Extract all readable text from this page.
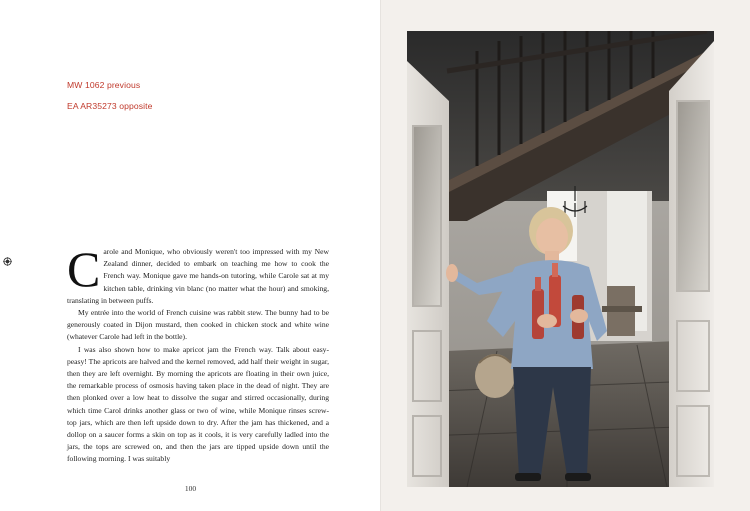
MW 1062 previous
EA AR35273 opposite

Carole and Monique, who obviously weren't too impressed with my New Zealand dinner, decided to embark on teaching me how to cook the French way. Monique gave me hands-on tutoring, while Carole sat at my kitchen table, drinking vin blanc (no matter what the hour) and smoking, translating in between puffs.

My entrée into the world of French cuisine was rabbit stew. The bunny had to be generously coated in Dijon mustard, then cooked in chicken stock and white wine (whatever Carole had left in the bottle).

I was also shown how to make apricot jam the French way. Talk about easy-peasy! The apricots are halved and the kernel removed, add half their weight in sugar, then they are left overnight. By morning the apricots are floating in their own juice, the remarkable process of osmosis having taken place in the dead of night. They are then plonked over a low heat to dissolve the sugar and stirred occasionally, during which time Carol drinks another glass or two of wine, while Monique rinses screw-top jars, which are then left upside down to dry. After the jam has thickened, and a dollop on a saucer forms a skin on top as it cools, it is very carefully ladled into the jars, the tops are screwed on, and then the jars are tipped upside down until the following morning. I was suitably

100
